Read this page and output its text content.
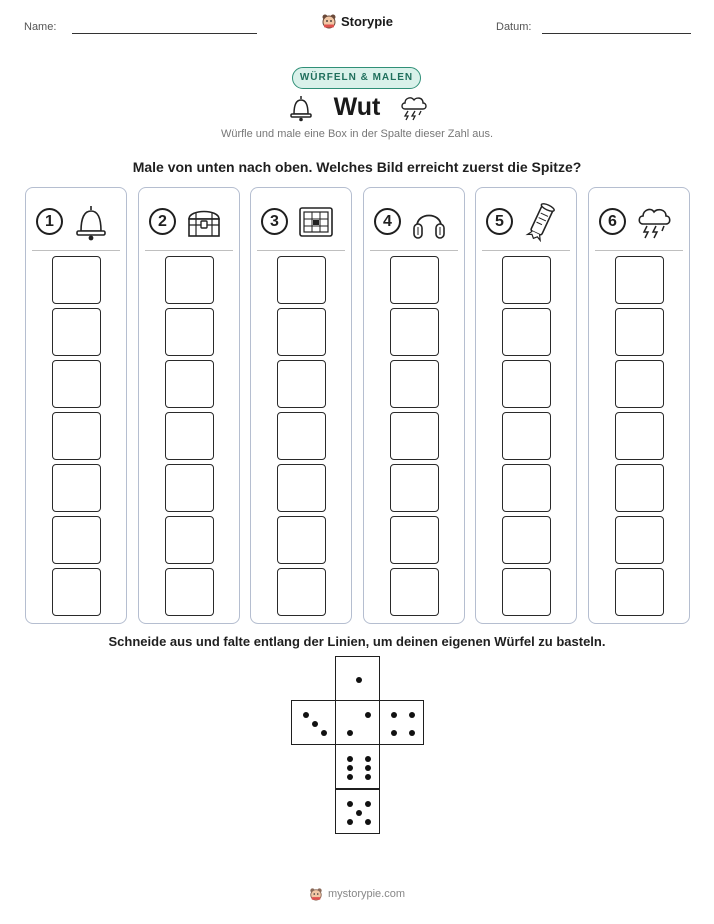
Name:	Storypie	Datum:
WÜRFELN & MALEN
Wut
Würfle und male eine Box in der Spalte dieser Zahl aus.
Male von unten nach oben. Welches Bild erreicht zuerst die Spitze?
1	2	3	4	5	6
Schneide aus und falte entlang der Linien, um deinen eigenen Würfel zu basteln.
mystorypie.com
